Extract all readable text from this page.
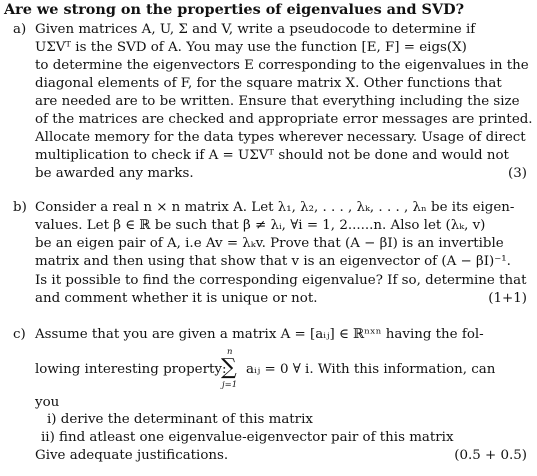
Are we strong on the properties of eigenvalues and SVD?
a) Given matrices A, U, Σ and V, write a pseudocode to determine if
UΣVᵀ is the SVD of A. You may use the function [E, F] = eigs(X)
to determine the eigenvectors E corresponding to the eigenvalues in the
diagonal elements of F, for the square matrix X. Other functions that
are needed are to be written. Ensure that everything including the size
of the matrices are checked and appropriate error messages are printed.
Allocate memory for the data types wherever necessary. Usage of direct
multiplication to check if A = UΣVᵀ should not be done and would not
be awarded any marks.	(3)
b) Consider a real n × n matrix A. Let λ₁, λ₂, . . . , λₖ, . . . , λₙ be its eigen-
values. Let β ∈ ℝ be such that β ≠ λᵢ, ∀i = 1, 2......n. Also let (λₖ, v)
be an eigen pair of A, i.e Av = λₖv. Prove that (A − βI) is an invertible
matrix and then using that show that v is an eigenvector of (A − βI)⁻¹.
Is it possible to find the corresponding eigenvalue? If so, determine that
and comment whether it is unique or not.	(1+1)
c) Assume that you are given a matrix A = [aᵢⱼ] ∈ ℝⁿˣⁿ having the fol-
lowing interesting property:
n
∑
j=1
aᵢⱼ = 0 ∀ i. With this information, can
you
i) derive the determinant of this matrix
ii) find atleast one eigenvalue-eigenvector pair of this matrix
Give adequate justifications.	(0.5 + 0.5)
